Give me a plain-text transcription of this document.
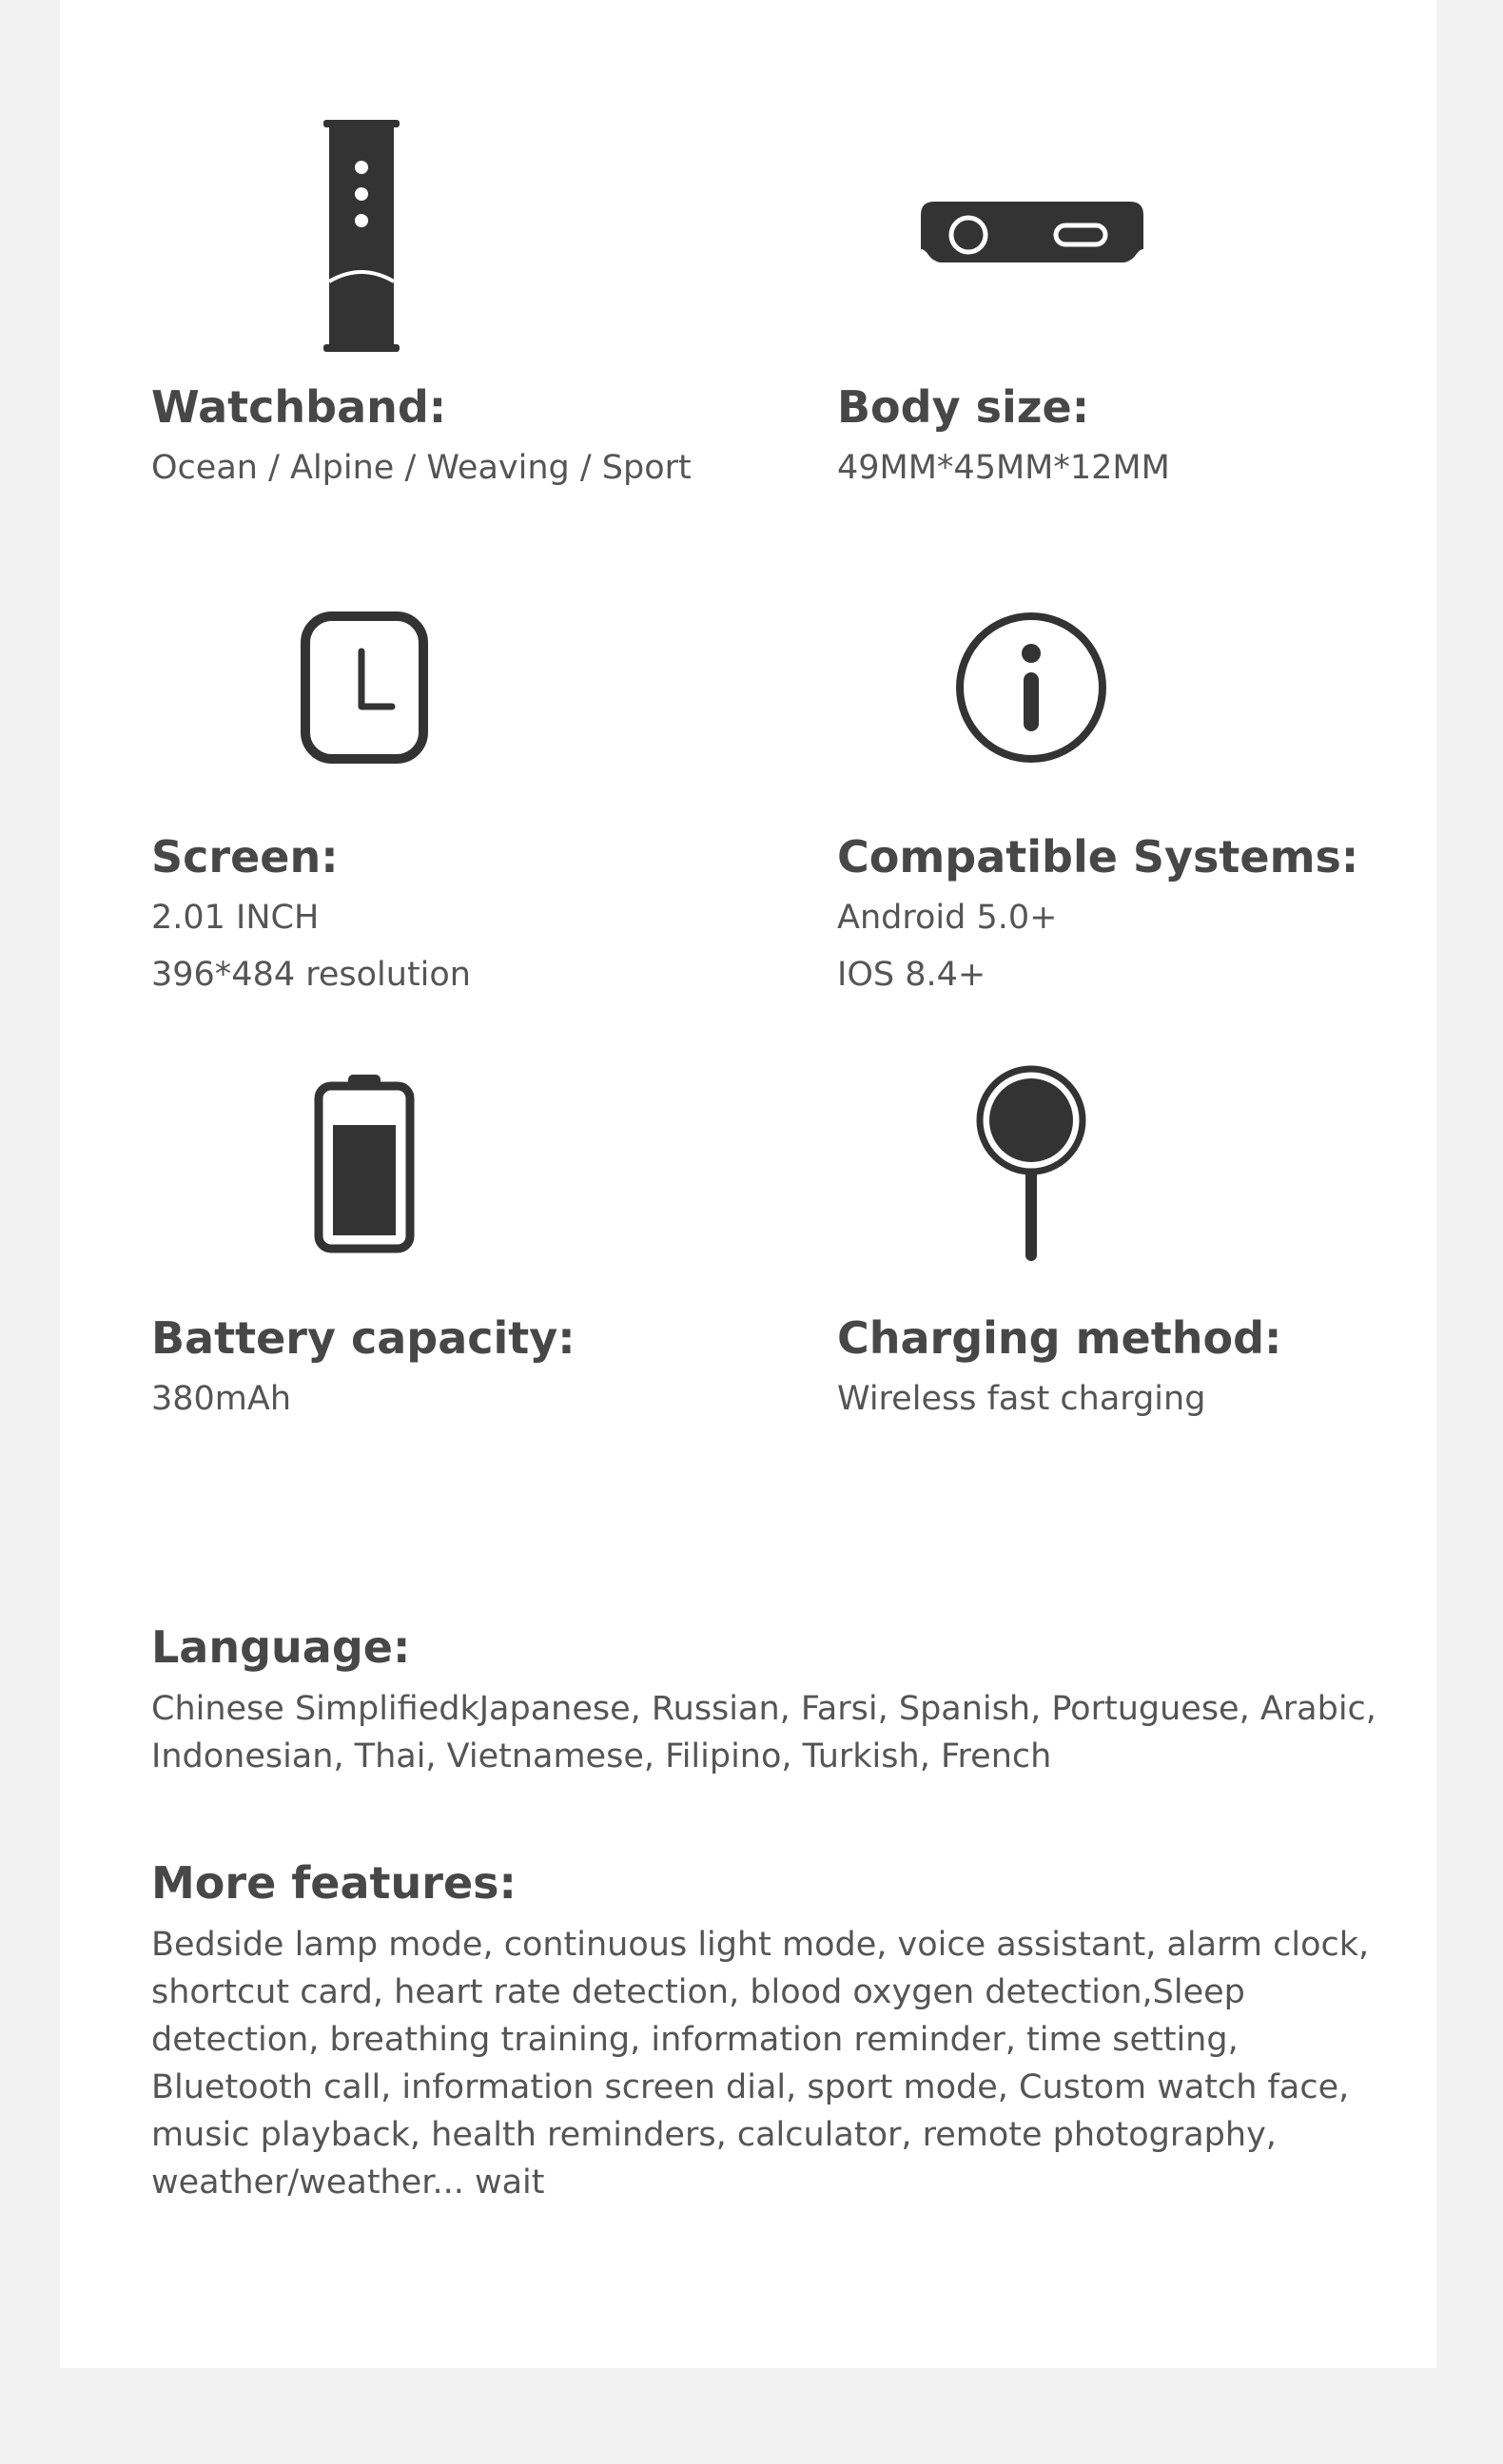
Watchband:
Ocean / Alpine / Weaving / Sport
Body size:
49MM*45MM*12MM
Screen:
2.01 INCH
396*484 resolution
Compatible Systems:
Android 5.0+
IOS 8.4+
Battery capacity:
380mAh
Charging method:
Wireless fast charging
Language:

Chinese SimplifiedkJapanese, Russian, Farsi, Spanish, Portuguese, Arabic, Indonesian, Thai, Vietnamese, Filipino, Turkish, French

More features:

Bedside lamp mode, continuous light mode, voice assistant, alarm clock, shortcut card, heart rate detection, blood oxygen detection,Sleep detection, breathing training, information reminder, time setting, Bluetooth call, information screen dial, sport mode, Custom watch face, music playback, health reminders, calculator, remote photography, weather/weather... wait
